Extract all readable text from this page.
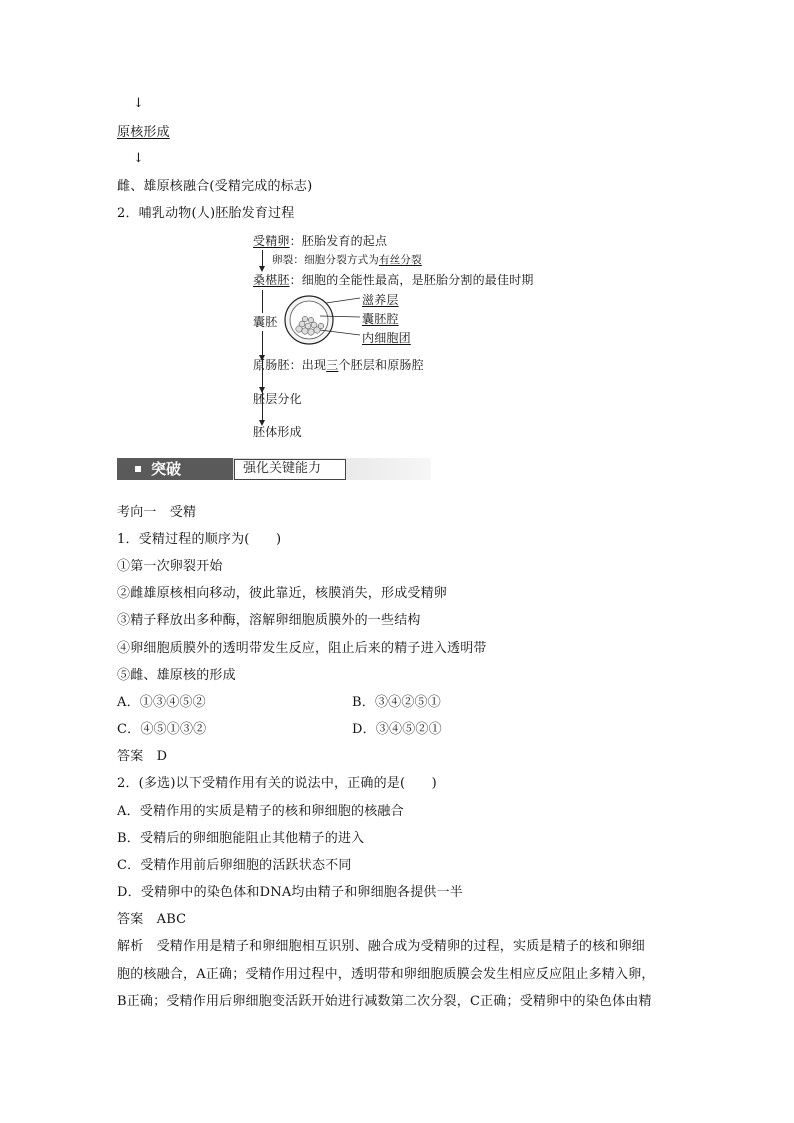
↓
原核形成
↓
雌、雄原核融合(受精完成的标志)
2．哺乳动物(人)胚胎发育过程
受精卵：胚胎发育的起点
卵裂：细胞分裂方式为有丝分裂
桑椹胚：细胞的全能性最高，是胚胎分割的最佳时期
囊胚
滋养层
囊胚腔
内细胞团
原肠胚：出现三个胚层和原肠腔
胚层分化
胚体形成
突破	强化关键能力
考向一　受精
1．受精过程的顺序为(　　)
①第一次卵裂开始
②雌雄原核相向移动，彼此靠近，核膜消失，形成受精卵
③精子释放出多种酶，溶解卵细胞质膜外的一些结构
④卵细胞质膜外的透明带发生反应，阻止后来的精子进入透明带
⑤雌、雄原核的形成
A．①③④⑤②	B．③④②⑤①
C．④⑤①③②	D．③④⑤②①
答案　D
2．(多选)以下受精作用有关的说法中，正确的是(　　)
A．受精作用的实质是精子的核和卵细胞的核融合
B．受精后的卵细胞能阻止其他精子的进入
C．受精作用前后卵细胞的活跃状态不同
D．受精卵中的染色体和DNA均由精子和卵细胞各提供一半
答案　ABC
解析　受精作用是精子和卵细胞相互识别、融合成为受精卵的过程，实质是精子的核和卵细
胞的核融合，A正确；受精作用过程中，透明带和卵细胞质膜会发生相应反应阻止多精入卵，
B正确；受精作用后卵细胞变活跃开始进行减数第二次分裂，C正确；受精卵中的染色体由精
